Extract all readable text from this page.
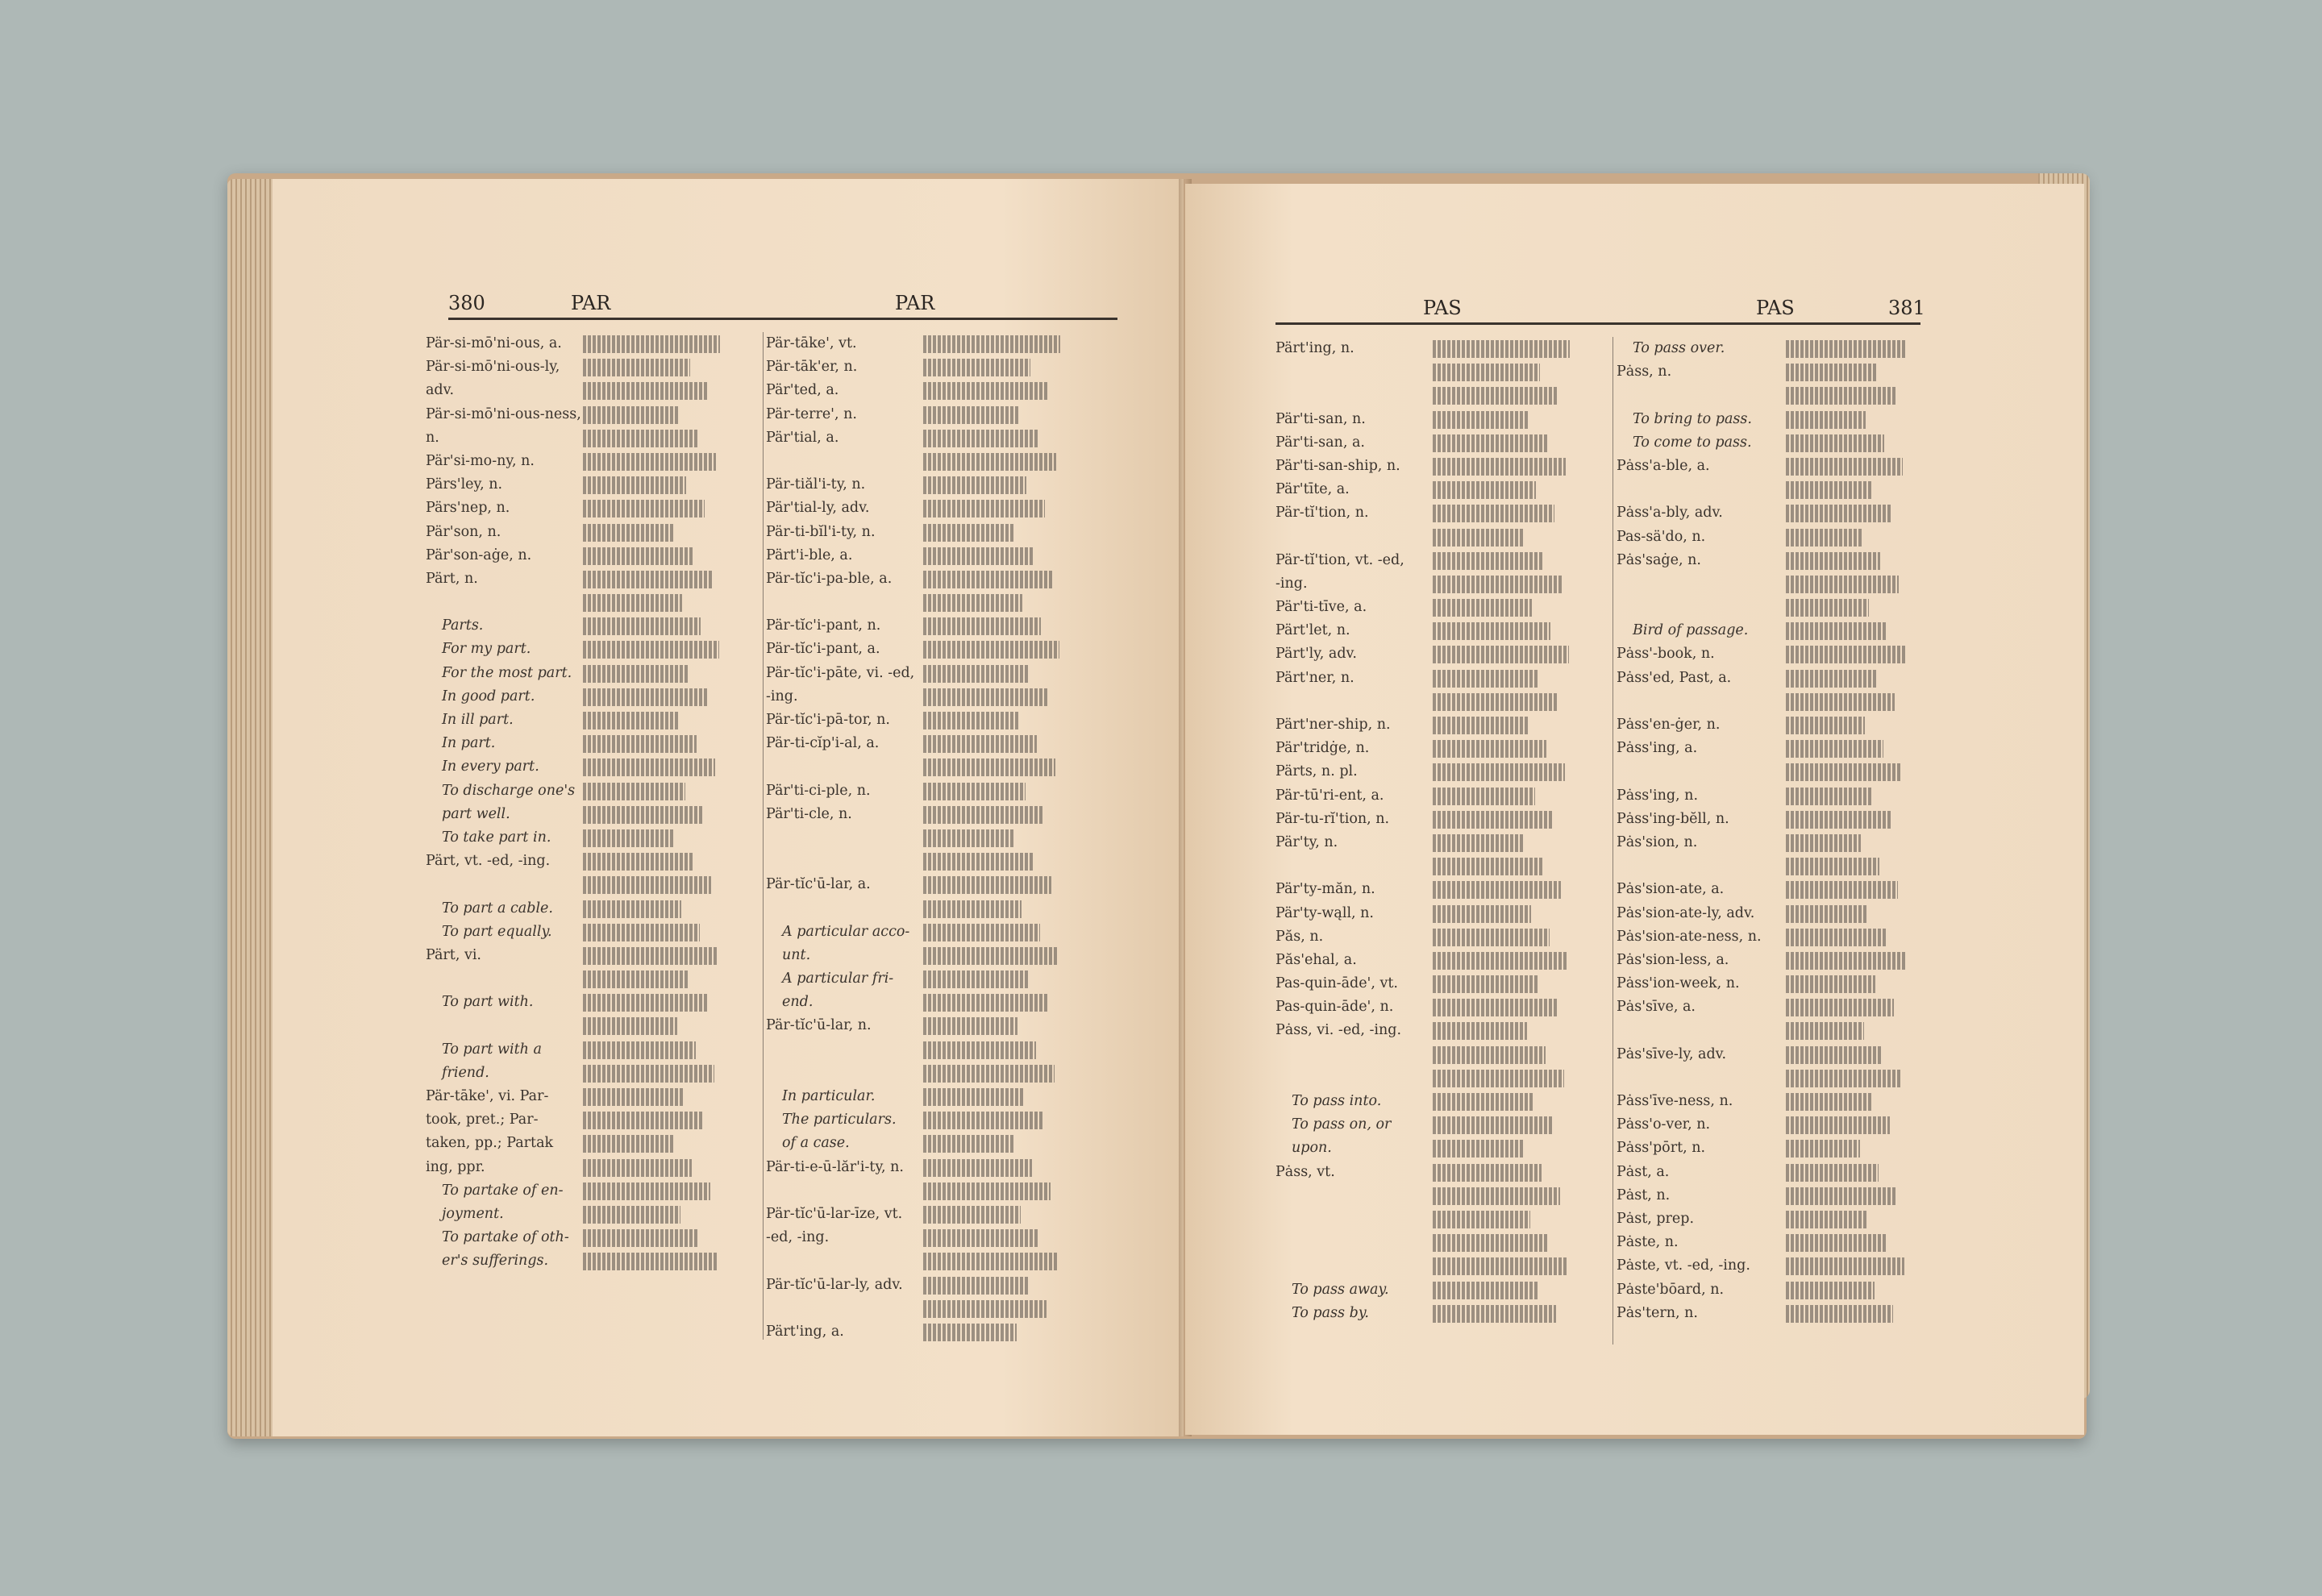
380	PAR	PAR
Pär-si-mō'ni-ous, a.
Pär-si-mō'ni-ous-ly,
adv.
Pär-si-mō'ni-ous-ness,
n.
Pär'si-mo-ny, n.
Pärs'ley, n.
Pärs'nep, n.
Pär'son, n.
Pär'son-aġe, n.
Pärt, n.
Parts.
For my part.
For the most part.
In good part.
In ill part.
In part.
In every part.
To discharge one's
part well.
To take part in.
Pärt, vt. -ed, -ing.
To part a cable.
To part equally.
Pärt, vi.
To part with.
To part with a
friend.
Pär-tāke', vi. Par-
took, pret.; Par-
taken, pp.; Partak
ing, ppr.
To partake of en-
joyment.
To partake of oth-
er's sufferings.
Pär-tāke', vt.
Pär-tāk'er, n.
Pär'ted, a.
Pär-terre', n.
Pär'tial, a.
Pär-tiăl'i-ty, n.
Pär'tial-ly, adv.
Pär-ti-bĭl'i-ty, n.
Pärt'i-ble, a.
Pär-tĭc'i-pa-ble, a.
Pär-tĭc'i-pant, n.
Pär-tĭc'i-pant, a.
Pär-tĭc'i-pāte, vi. -ed,
-ing.
Pär-tĭc'i-pā-tor, n.
Pär-ti-cĭp'i-al, a.
Pär'ti-ci-ple, n.
Pär'ti-cle, n.
Pär-tĭc'ū-lar, a.
A particular acco-
unt.
A particular fri-
end.
Pär-tĭc'ū-lar, n.
In particular.
The particulars.
of a case.
Pär-ti-e-ū-lăr'i-ty, n.
Pär-tĭc'ū-lar-īze, vt.
-ed, -ing.
Pär-tĭc'ū-lar-ly, adv.
Pärt'ing, a.
PAS	PAS	381
Pärt'ing, n.
Pär'ti-san, n.
Pär'ti-san, a.
Pär'ti-san-ship, n.
Pär'tīte, a.
Pär-tĭ'tion, n.
Pär-tĭ'tion, vt. -ed,
-ing.
Pär'ti-tīve, a.
Pärt'let, n.
Pärt'ly, adv.
Pärt'ner, n.
Pärt'ner-ship, n.
Pär'tridġe, n.
Pärts, n. pl.
Pär-tū'ri-ent, a.
Pär-tu-rĭ'tion, n.
Pär'ty, n.
Pär'ty-măn, n.
Pär'ty-wąll, n.
Păs, n.
Păs'ehal, a.
Pas-quin-āde', vt.
Pas-quin-āde', n.
Pȧss, vi. -ed, -ing.
To pass into.
To pass on, or
upon.
Pȧss, vt.
To pass away.
To pass by.
To pass over.
Pȧss, n.
To bring to pass.
To come to pass.
Pȧss'a-ble, a.
Pȧss'a-bly, adv.
Pas-sä'do, n.
Pȧs'saġe, n.
Bird of passage.
Pȧss'-book, n.
Pȧss'ed, Past, a.
Pȧss'en-ġer, n.
Pȧss'ing, a.
Pȧss'ing, n.
Pȧss'ing-bĕll, n.
Pȧs'sion, n.
Pȧs'sion-ate, a.
Pȧs'sion-ate-ly, adv.
Pȧs'sion-ate-ness, n.
Pȧs'sion-less, a.
Pȧss'ion-week, n.
Pȧs'sīve, a.
Pȧs'sīve-ly, adv.
Pȧss'īve-ness, n.
Pȧss'o-ver, n.
Pȧss'pōrt, n.
Pȧst, a.
Pȧst, n.
Pȧst, prep.
Pȧste, n.
Pȧste, vt. -ed, -ing.
Pȧste'bōard, n.
Pȧs'tern, n.
